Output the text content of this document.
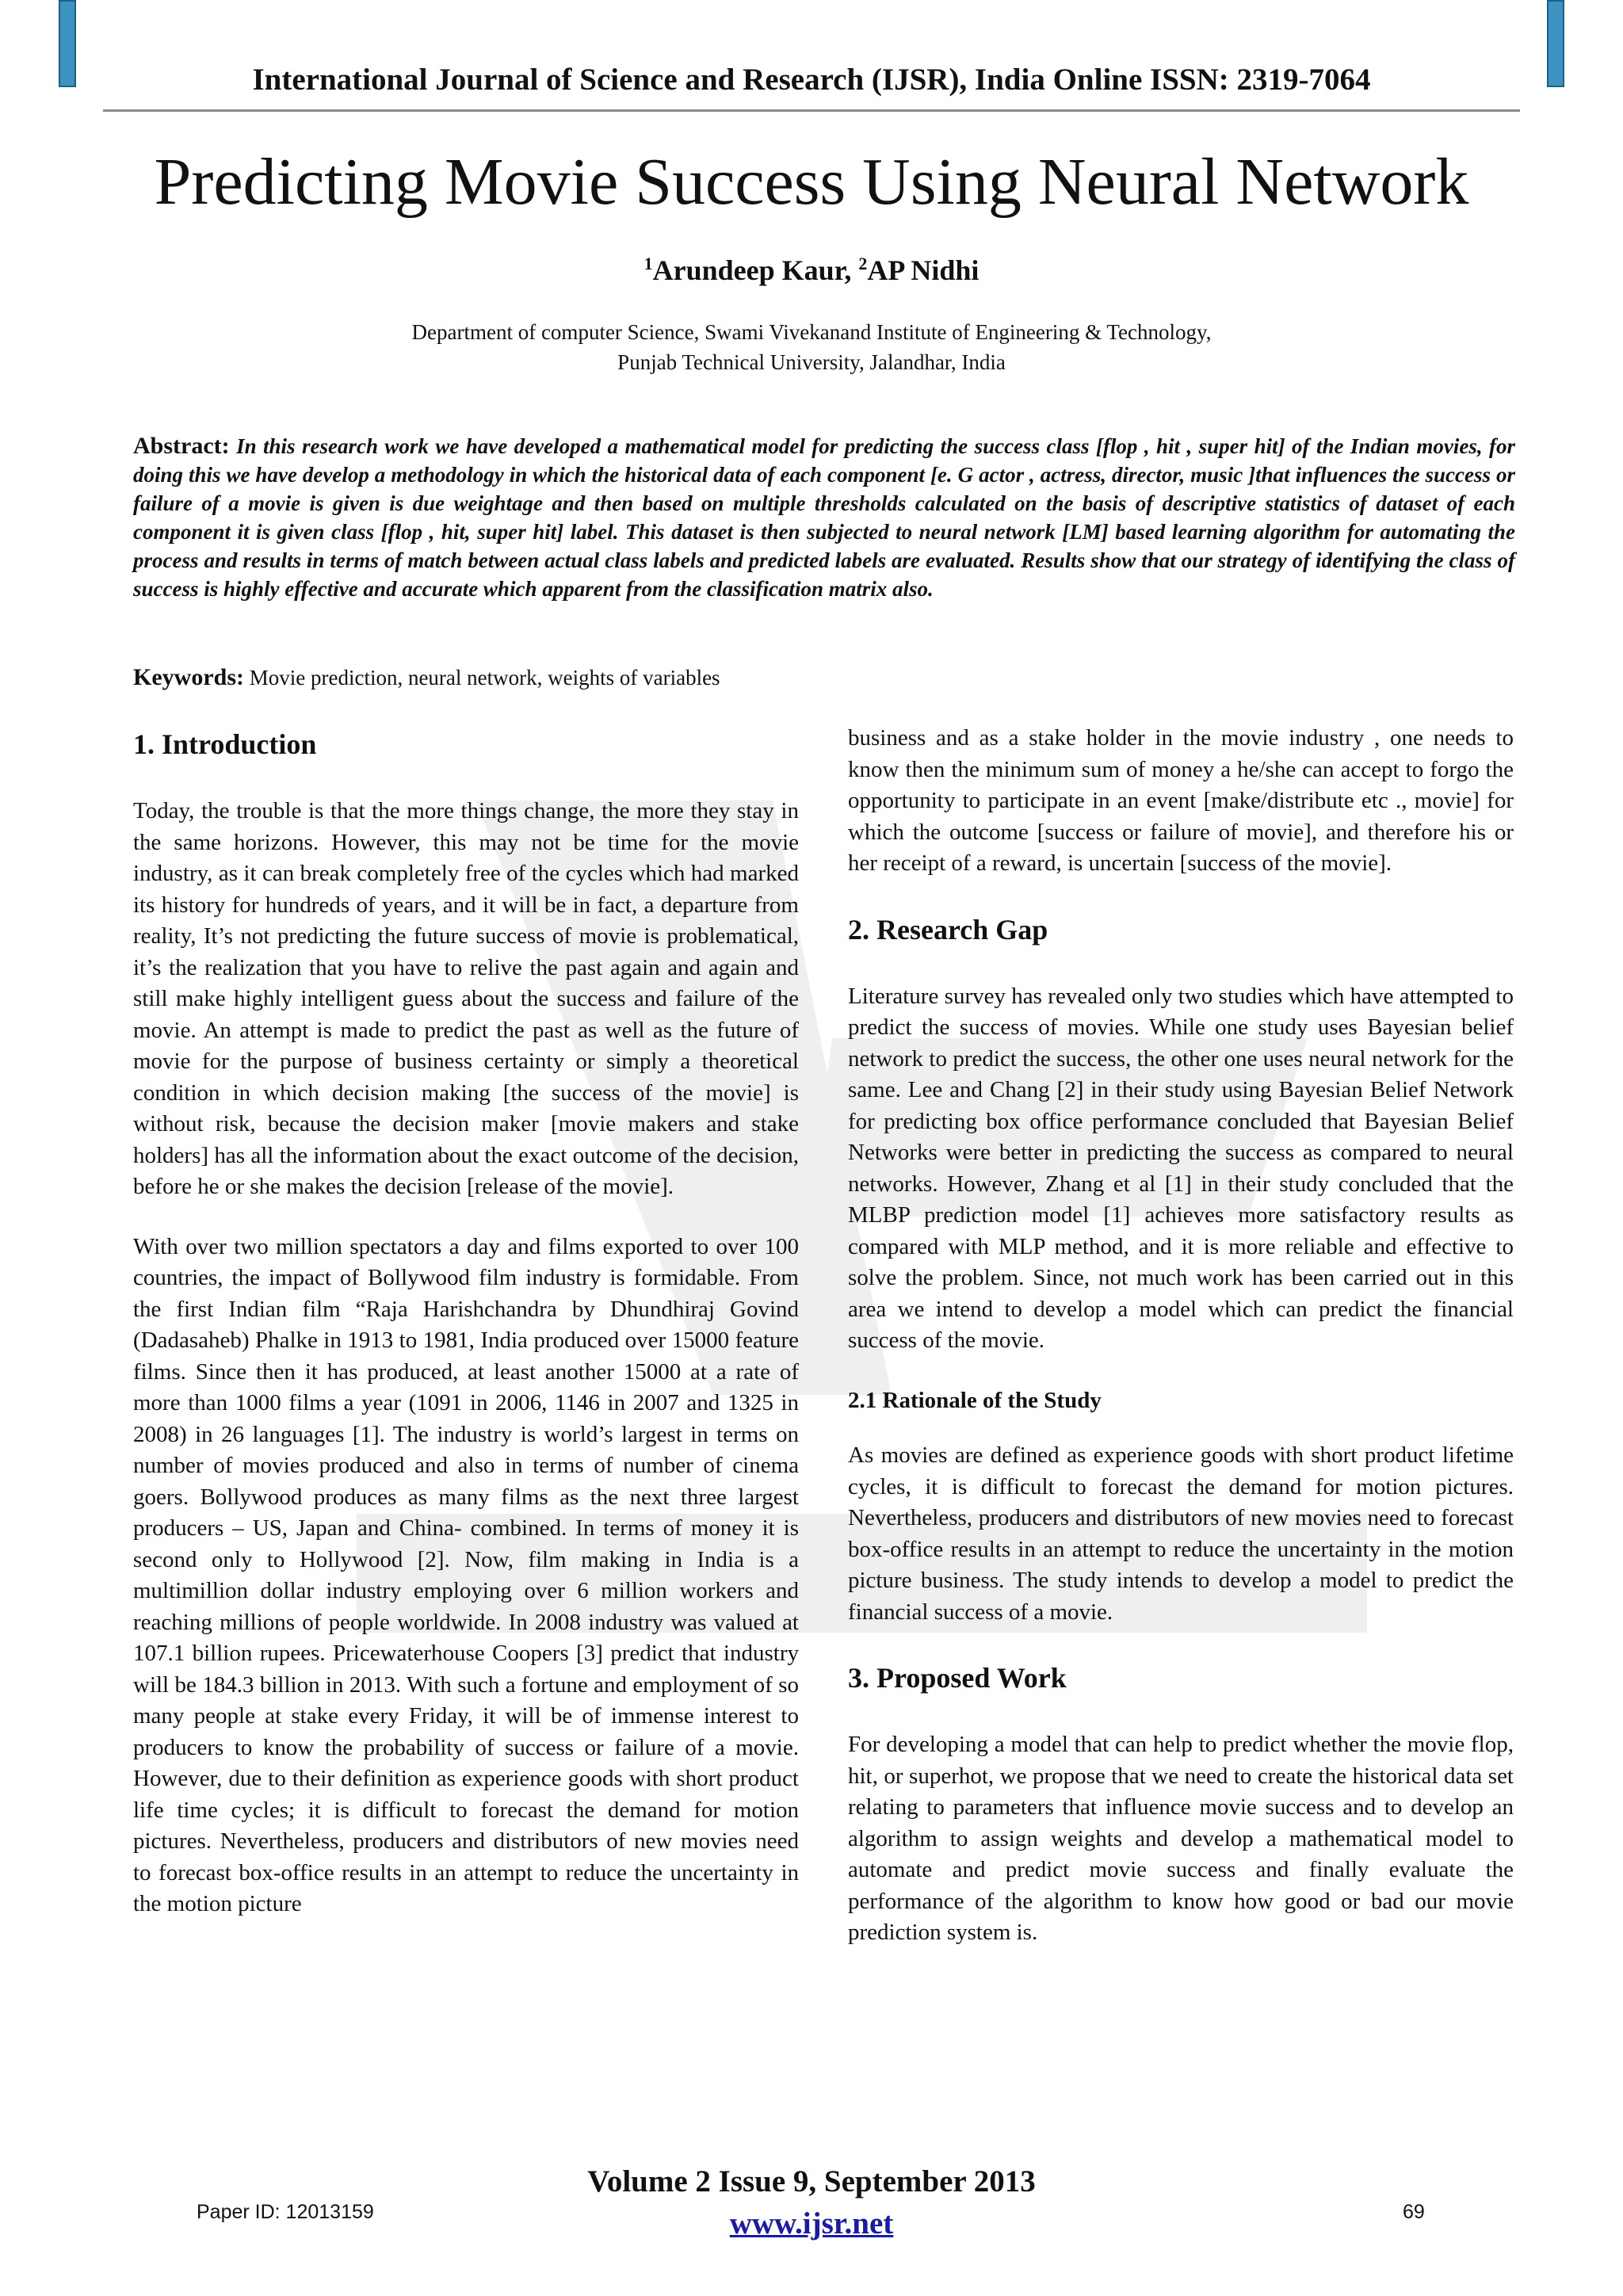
International Journal of Science and Research (IJSR), India Online ISSN: 2319-7064
Predicting Movie Success Using Neural Network
$^1$Arundeep Kaur, $^2$AP Nidhi
Department of computer Science, Swami Vivekanand Institute of Engineering & Technology,
Punjab Technical University, Jalandhar, India
Abstract: In this research work we have developed a mathematical model for predicting the success class [flop , hit , super hit] of the Indian movies, for doing this we have develop a methodology in which the historical data of each component [e. G actor , actress, director, music ]that influences the success or failure of a movie is given is due weightage and then based on multiple thresholds calculated on the basis of descriptive statistics of dataset of each component it is given class [flop , hit, super hit] label. This dataset is then subjected to neural network [LM] based learning algorithm for automating the process and results in terms of match between actual class labels and predicted labels are evaluated. Results show that our strategy of identifying the class of success is highly effective and accurate which apparent from the classification matrix also.
Keywords: Movie prediction, neural network, weights of variables
1. Introduction

Today, the trouble is that the more things change, the more they stay in the same horizons. However, this may not be time for the movie industry, as it can break completely free of the cycles which had marked its history for hundreds of years, and it will be in fact, a departure from reality, It’s not predicting the future success of movie is problematical, it’s the realization that you have to relive the past again and again and still make highly intelligent guess about the success and failure of the movie. An attempt is made to predict the past as well as the future of movie for the purpose of business certainty or simply a theoretical condition in which decision making [the success of the movie] is without risk, because the decision maker [movie makers and stake holders] has all the information about the exact outcome of the decision, before he or she makes the decision [release of the movie].

With over two million spectators a day and films exported to over 100 countries, the impact of Bollywood film industry is formidable. From the first Indian film “Raja Harishchandra by Dhundhiraj Govind (Dadasaheb) Phalke in 1913 to 1981, India produced over 15000 feature films. Since then it has produced, at least another 15000 at a rate of more than 1000 films a year (1091 in 2006, 1146 in 2007 and 1325 in 2008) in 26 languages [1]. The industry is world’s largest in terms on number of movies produced and also in terms of number of cinema goers. Bollywood produces as many films as the next three largest producers – US, Japan and China- combined. In terms of money it is second only to Hollywood [2]. Now, film making in India is a multimillion dollar industry employing over 6 million workers and reaching millions of people worldwide. In 2008 industry was valued at 107.1 billion rupees. Pricewaterhouse Coopers [3] predict that industry will be 184.3 billion in 2013. With such a fortune and employment of so many people at stake every Friday, it will be of immense interest to producers to know the probability of success or failure of a movie. However, due to their definition as experience goods with short product life time cycles; it is difficult to forecast the demand for motion pictures. Nevertheless, producers and distributors of new movies need to forecast box-office results in an attempt to reduce the uncertainty in the motion picture

business and as a stake holder in the movie industry , one needs to know then the minimum sum of money a he/she can accept to forgo the opportunity to participate in an event [make/distribute etc ., movie] for which the outcome [success or failure of movie], and therefore his or her receipt of a reward, is uncertain [success of the movie].

2. Research Gap

Literature survey has revealed only two studies which have attempted to predict the success of movies. While one study uses Bayesian belief network to predict the success, the other one uses neural network for the same. Lee and Chang [2] in their study using Bayesian Belief Network for predicting box office performance concluded that Bayesian Belief Networks were better in predicting the success as compared to neural networks. However, Zhang et al [1] in their study concluded that the MLBP prediction model [1] achieves more satisfactory results as compared with MLP method, and it is more reliable and effective to solve the problem. Since, not much work has been carried out in this area we intend to develop a model which can predict the financial success of the movie.

2.1 Rationale of the Study

As movies are defined as experience goods with short product lifetime cycles, it is difficult to forecast the demand for motion pictures. Nevertheless, producers and distributors of new movies need to forecast box-office results in an attempt to reduce the uncertainty in the motion picture business. The study intends to develop a model to predict the financial success of a movie.

3. Proposed Work

For developing a model that can help to predict whether the movie flop, hit, or superhot, we propose that we need to create the historical data set relating to parameters that influence movie success and to develop an algorithm to assign weights and develop a mathematical model to automate and predict movie success and finally evaluate the performance of the algorithm to know how good or bad our movie prediction system is.

Volume 2 Issue 9, September 2013
www.ijsr.net
Paper ID: 12013159	69
